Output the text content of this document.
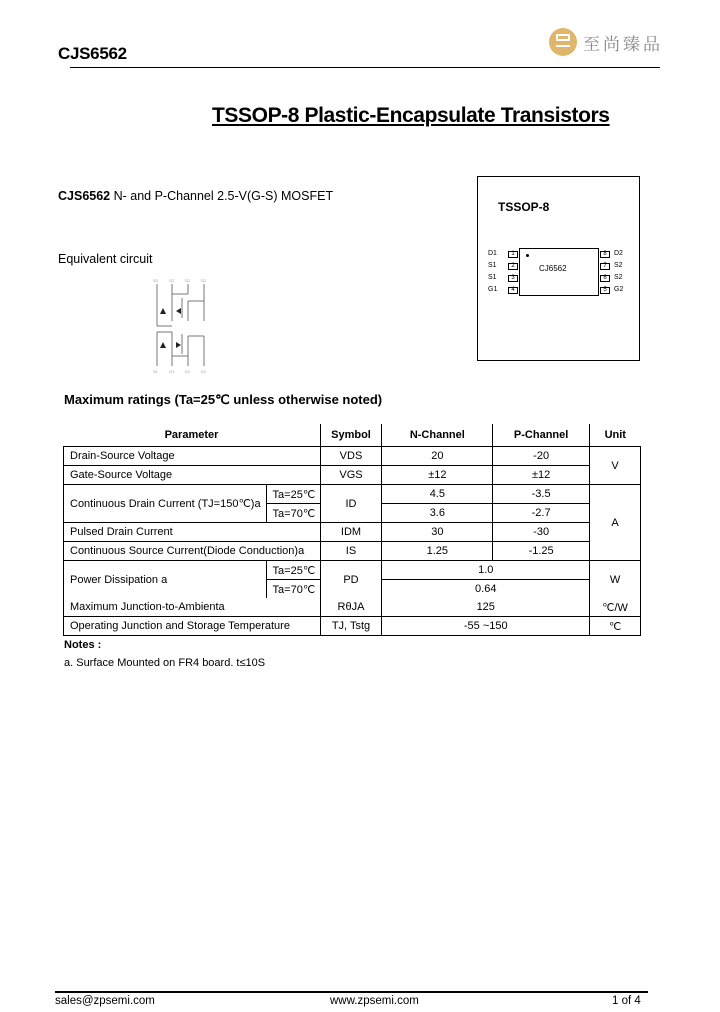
CJS6562	至尚臻品
TSSOP-8 Plastic-Encapsulate Transistors
CJS6562 N- and P-Channel 2.5-V(G-S) MOSFET
Equivalent circuit
S2	G2	D2	D2
S1	G1	D1	D1
TSSOP-8
CJ6562
D1	1
S1	2
S1	3
G1	4
8	D2
7	S2
6	S2
5	G2
Maximum ratings (Ta=25℃ unless otherwise noted)
Parameter		Symbol	N-Channel	P-Channel	Unit
Drain-Source Voltage		VDS	20	-20	V
Gate-Source Voltage		VGS	±12	±12	
Continuous Drain Current (TJ=150℃)a	Ta=25℃	ID	4.5	-3.5	A
	Ta=70℃		3.6	-2.7	
Pulsed Drain Current		IDM	30	-30	
Continuous Source Current(Diode Conduction)a		IS	1.25	-1.25	
Power Dissipation a	Ta=25℃	PD	1.0		W
	Ta=70℃		0.64		
Maximum Junction-to-Ambienta		RθJA	125		℃/W
Operating Junction and Storage Temperature		TJ, Tstg	-55 ~150		℃
Notes :
a. Surface Mounted on FR4 board. t≤10S
sales@zpsemi.com	www.zpsemi.com	1 of 4
